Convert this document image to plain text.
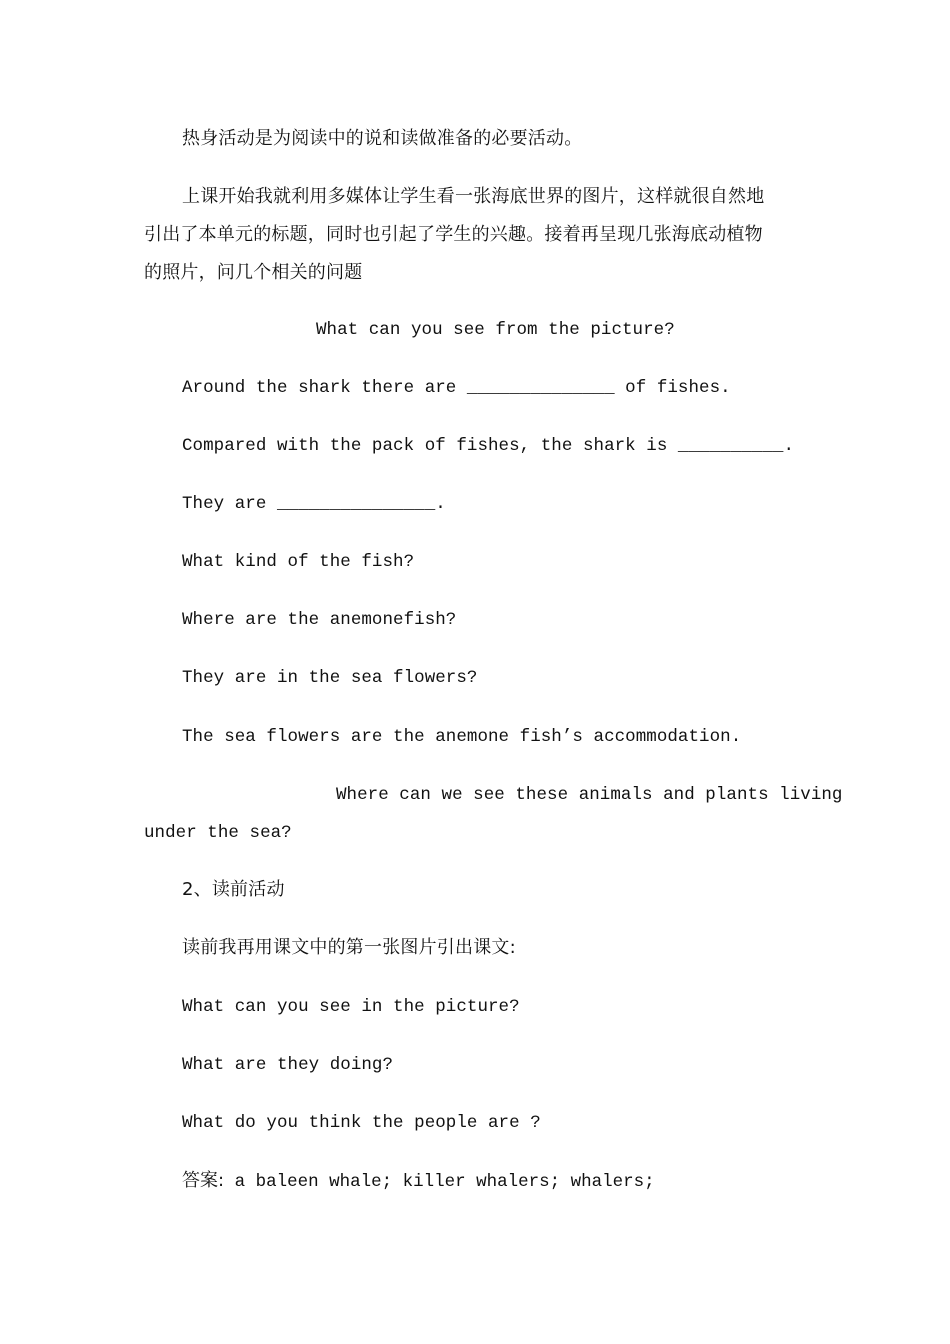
热身活动是为阅读中的说和读做准备的必要活动。
上课开始我就利用多媒体让学生看一张海底世界的图片，这样就很自然地
引出了本单元的标题，同时也引起了学生的兴趣。接着再呈现几张海底动植物
的照片，问几个相关的问题
What can you see from the picture?
Around the shark there are ______________ of fishes.
Compared with the pack of fishes, the shark is __________.
They are _______________.
What kind of the fish?
Where are the anemonefish?
They are in the sea flowers?
The sea flowers are the anemone fish’s accommodation.
Where can we see these animals and plants living
under the sea?
2、读前活动
读前我再用课文中的第一张图片引出课文:
What can you see in the picture?
What are they doing?
What do you think the people are ?
答案: a baleen whale; killer whalers; whalers;
